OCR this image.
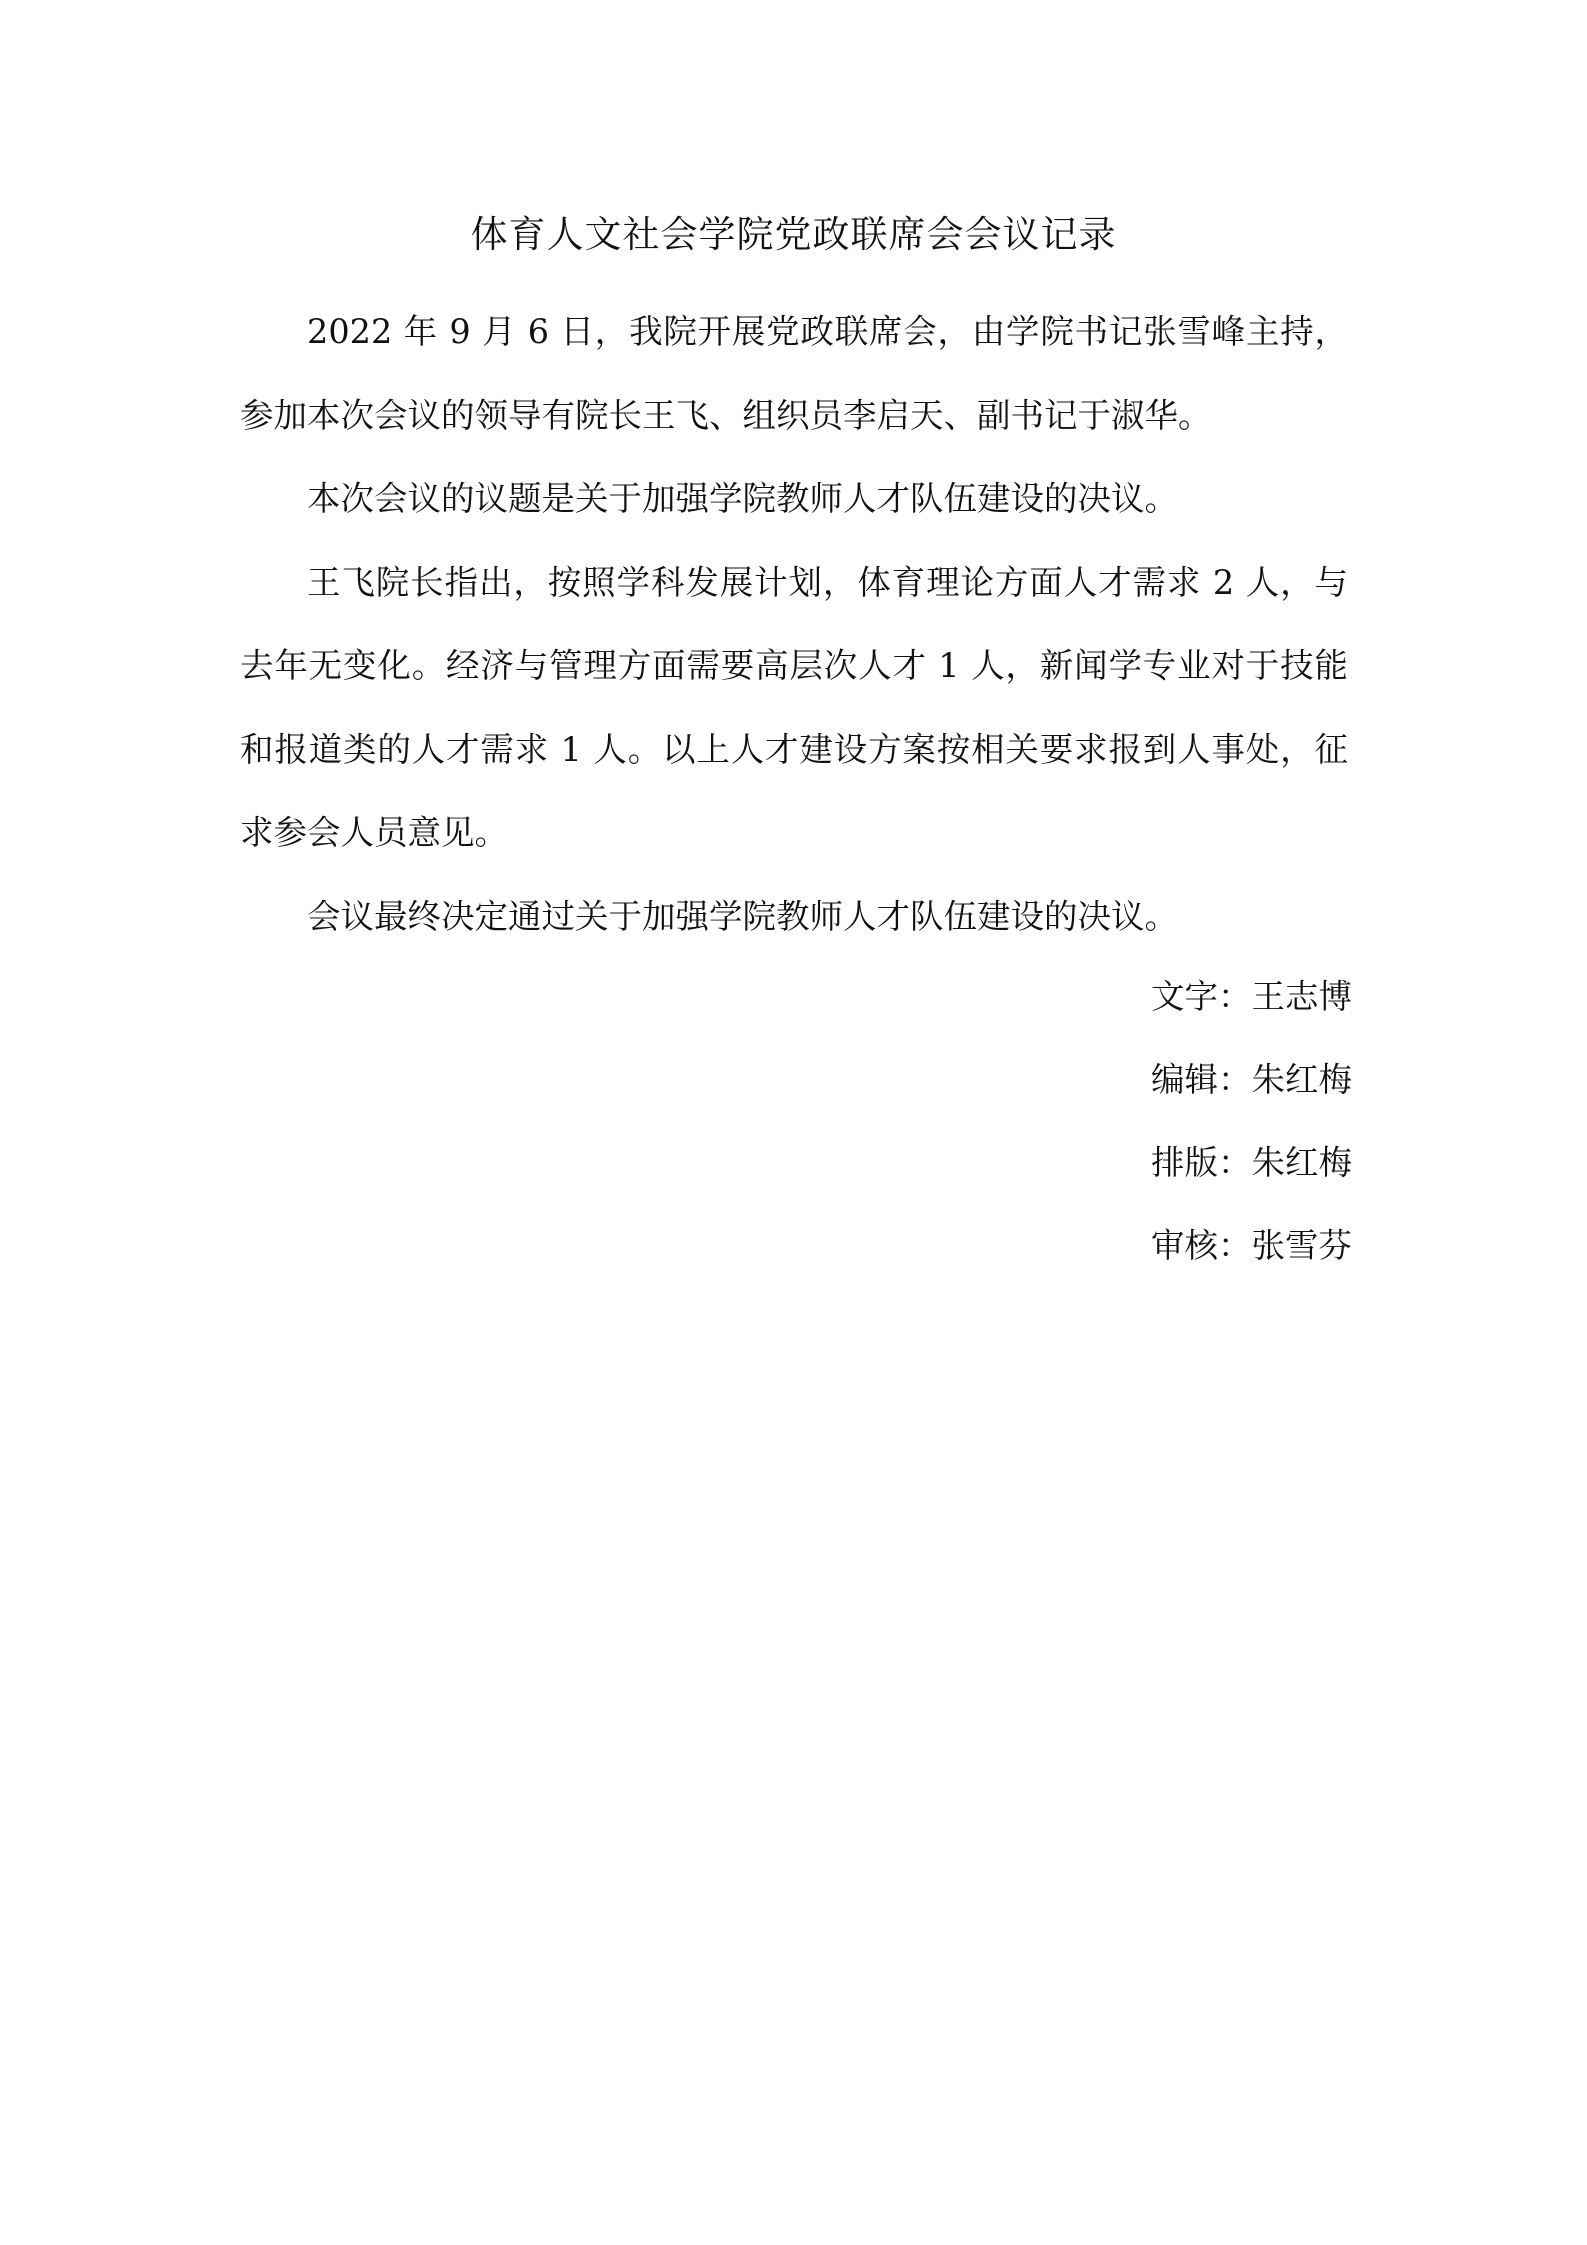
体育人文社会学院党政联席会会议记录

2022 年 9 月 6 日，我院开展党政联席会，由学院书记张雪峰主持，参加本次会议的领导有院长王飞、组织员李启天、副书记于淑华。

本次会议的议题是关于加强学院教师人才队伍建设的决议。

王飞院长指出，按照学科发展计划，体育理论方面人才需求 2 人，与去年无变化。经济与管理方面需要高层次人才 1 人，新闻学专业对于技能和报道类的人才需求 1 人。以上人才建设方案按相关要求报到人事处，征求参会人员意见。

会议最终决定通过关于加强学院教师人才队伍建设的决议。

文字：王志博
编辑：朱红梅
排版：朱红梅
审核：张雪芬
